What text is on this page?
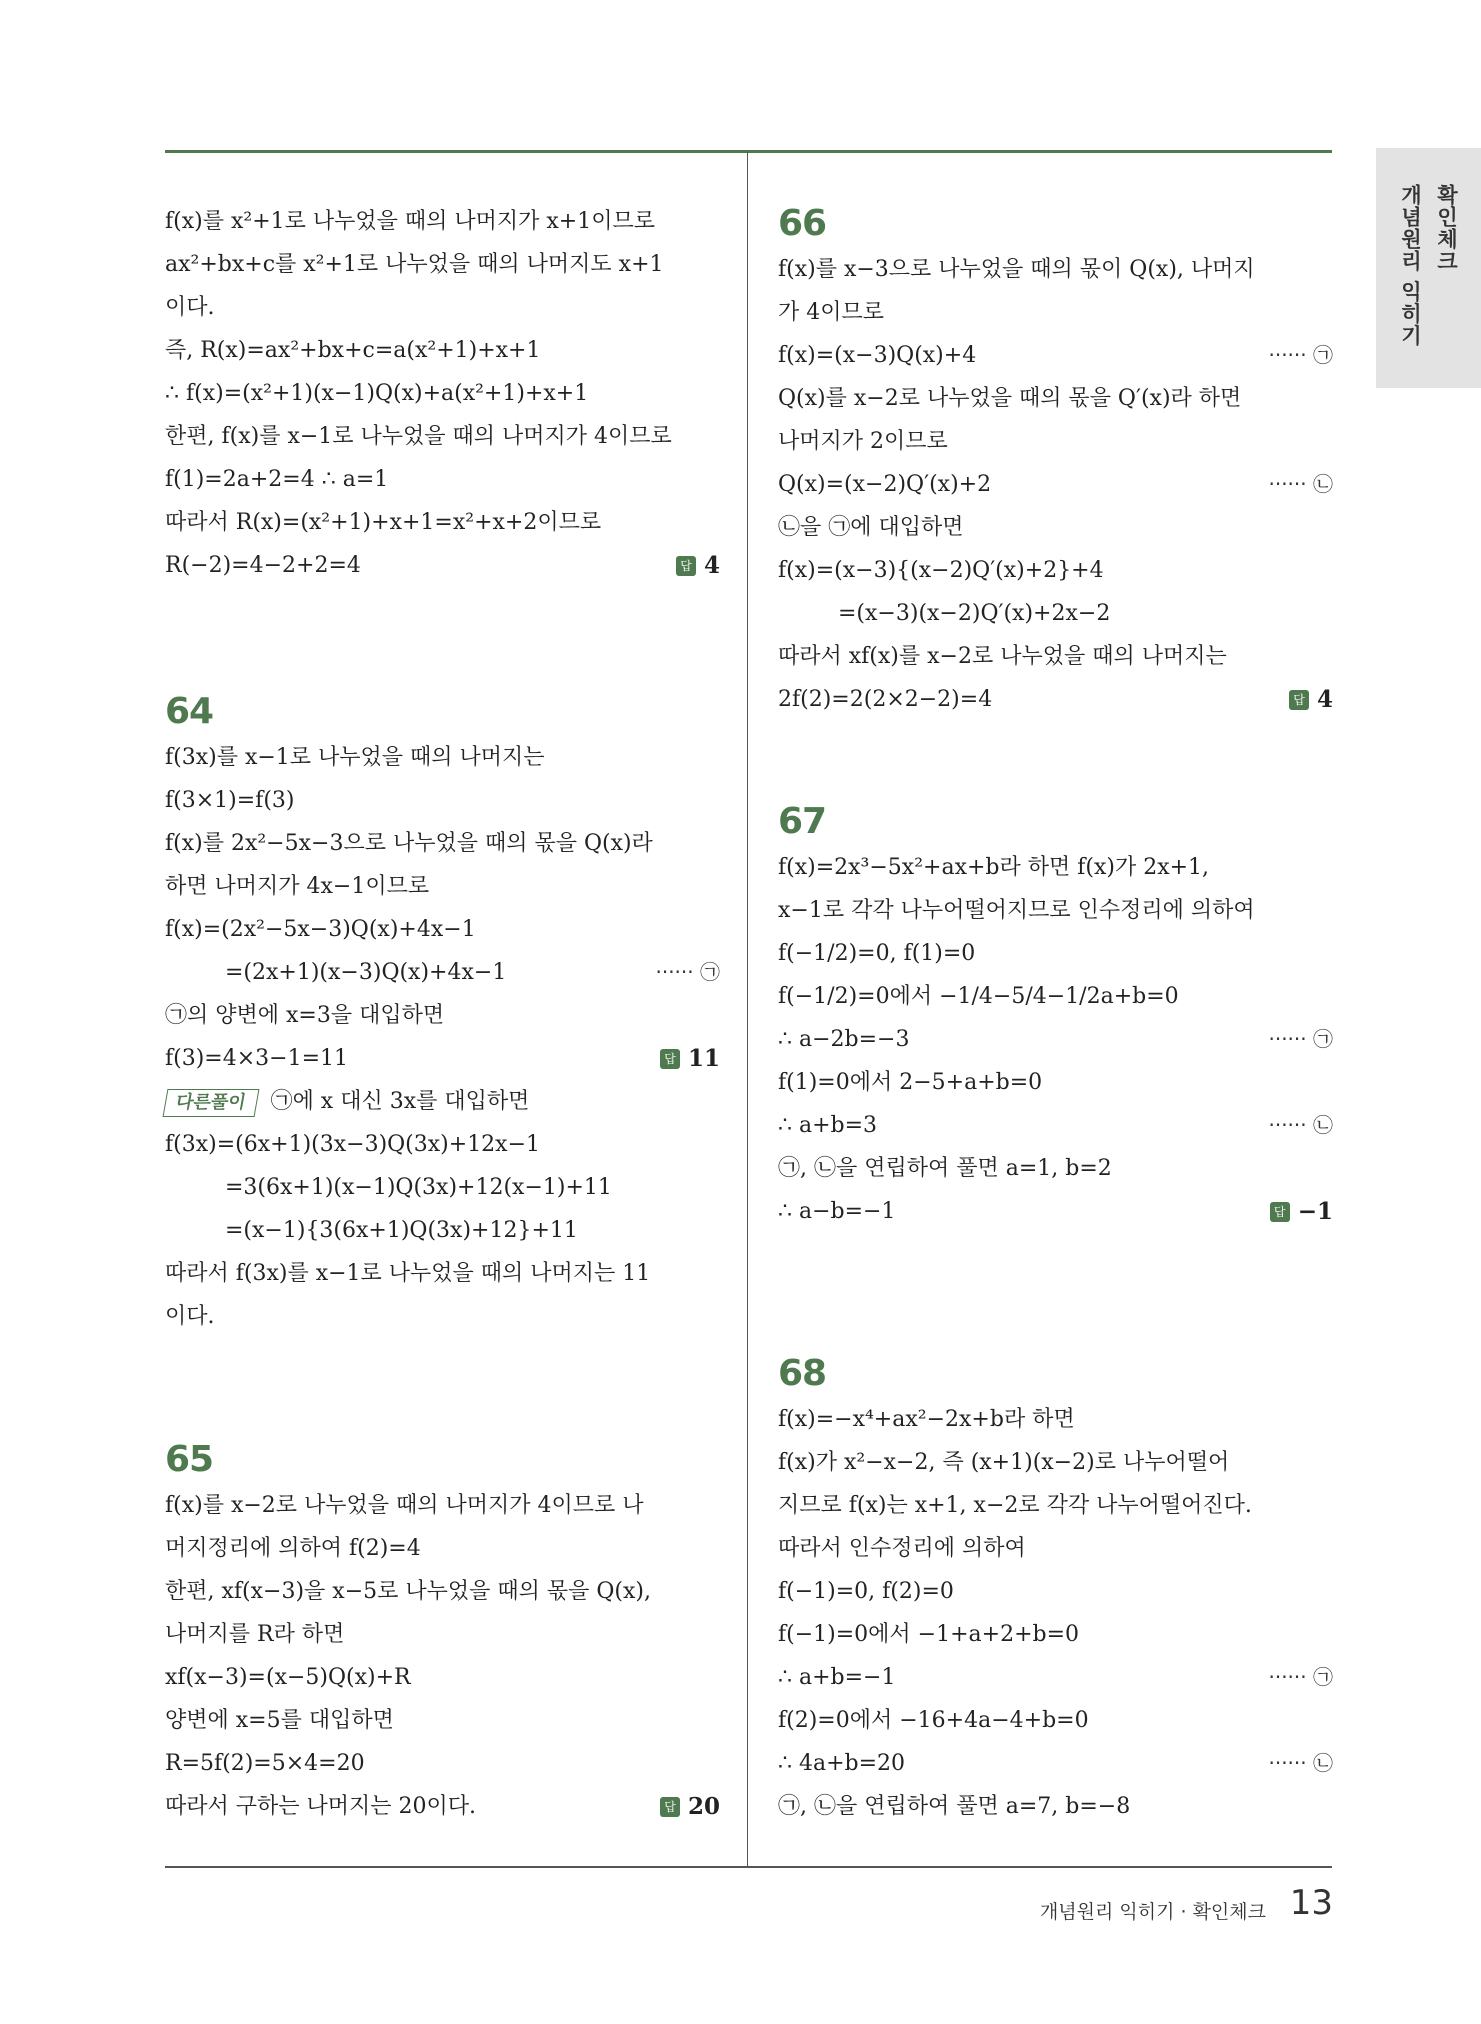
확인체크
개념원리 익히기
f(x)를 x²+1로 나누었을 때의 나머지가 x+1이므로
ax²+bx+c를 x²+1로 나누었을 때의 나머지도 x+1
이다.
즉, R(x)=ax²+bx+c=a(x²+1)+x+1
∴ f(x)=(x²+1)(x−1)Q(x)+a(x²+1)+x+1
한편, f(x)를 x−1로 나누었을 때의 나머지가 4이므로
f(1)=2a+2=4 ∴ a=1
따라서 R(x)=(x²+1)+x+1=x²+x+2이므로
R(−2)=4−2+2=4	답 4
64
f(3x)를 x−1로 나누었을 때의 나머지는
f(3×1)=f(3)
f(x)를 2x²−5x−3으로 나누었을 때의 몫을 Q(x)라
하면 나머지가 4x−1이므로
f(x)=(2x²−5x−3)Q(x)+4x−1
=(2x+1)(x−3)Q(x)+4x−1	······ ㉠
㉠의 양변에 x=3을 대입하면
f(3)=4×3−1=11	답 11
다른풀이 ㉠에 x 대신 3x를 대입하면
f(3x)=(6x+1)(3x−3)Q(3x)+12x−1
=3(6x+1)(x−1)Q(3x)+12(x−1)+11
=(x−1){3(6x+1)Q(3x)+12}+11
따라서 f(3x)를 x−1로 나누었을 때의 나머지는 11
이다.
65
f(x)를 x−2로 나누었을 때의 나머지가 4이므로 나
머지정리에 의하여 f(2)=4
한편, xf(x−3)을 x−5로 나누었을 때의 몫을 Q(x),
나머지를 R라 하면
xf(x−3)=(x−5)Q(x)+R
양변에 x=5를 대입하면
R=5f(2)=5×4=20
따라서 구하는 나머지는 20이다.	답 20
66
f(x)를 x−3으로 나누었을 때의 몫이 Q(x), 나머지
가 4이므로
f(x)=(x−3)Q(x)+4	······ ㉠
Q(x)를 x−2로 나누었을 때의 몫을 Q′(x)라 하면
나머지가 2이므로
Q(x)=(x−2)Q′(x)+2	······ ㉡
㉡을 ㉠에 대입하면
f(x)=(x−3){(x−2)Q′(x)+2}+4
=(x−3)(x−2)Q′(x)+2x−2
따라서 xf(x)를 x−2로 나누었을 때의 나머지는
2f(2)=2(2×2−2)=4	답 4
67
f(x)=2x³−5x²+ax+b라 하면 f(x)가 2x+1,
x−1로 각각 나누어떨어지므로 인수정리에 의하여
f(−1/2)=0, f(1)=0
f(−1/2)=0에서 −1/4−5/4−1/2a+b=0
∴ a−2b=−3	······ ㉠
f(1)=0에서 2−5+a+b=0
∴ a+b=3	······ ㉡
㉠, ㉡을 연립하여 풀면 a=1, b=2
∴ a−b=−1	답 −1
68
f(x)=−x⁴+ax²−2x+b라 하면
f(x)가 x²−x−2, 즉 (x+1)(x−2)로 나누어떨어
지므로 f(x)는 x+1, x−2로 각각 나누어떨어진다.
따라서 인수정리에 의하여
f(−1)=0, f(2)=0
f(−1)=0에서 −1+a+2+b=0
∴ a+b=−1	······ ㉠
f(2)=0에서 −16+4a−4+b=0
∴ 4a+b=20	······ ㉡
㉠, ㉡을 연립하여 풀면 a=7, b=−8
개념원리 익히기 · 확인체크 13
